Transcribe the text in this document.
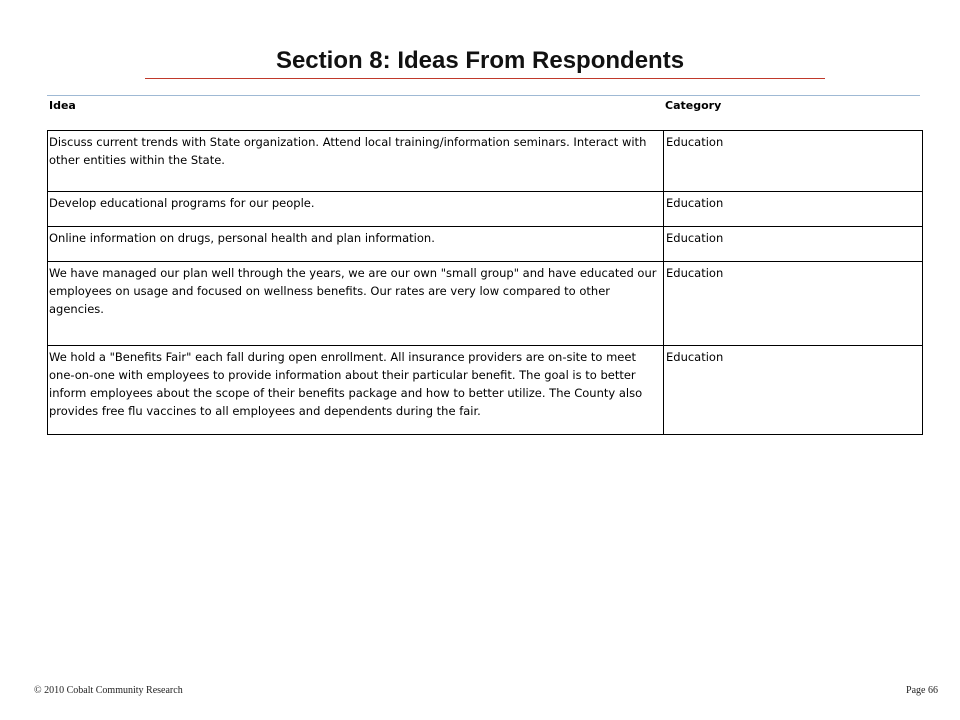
Section 8: Ideas From Respondents
Idea	Category
Discuss current trends with State organization. Attend local training/information seminars. Interact with other entities within the State.	Education
Develop educational programs for our people.	Education
Online information on drugs, personal health and plan information.	Education
We have managed our plan well through the years, we are our own "small group" and have educated our employees on usage and focused on wellness benefits. Our rates are very low compared to other agencies.	Education
We hold a "Benefits Fair" each fall during open enrollment. All insurance providers are on-site to meet one-on-one with employees to provide information about their particular benefit. The goal is to better inform employees about the scope of their benefits package and how to better utilize. The County also provides free flu vaccines to all employees and dependents during the fair.	Education
© 2010 Cobalt Community Research	Page 66
